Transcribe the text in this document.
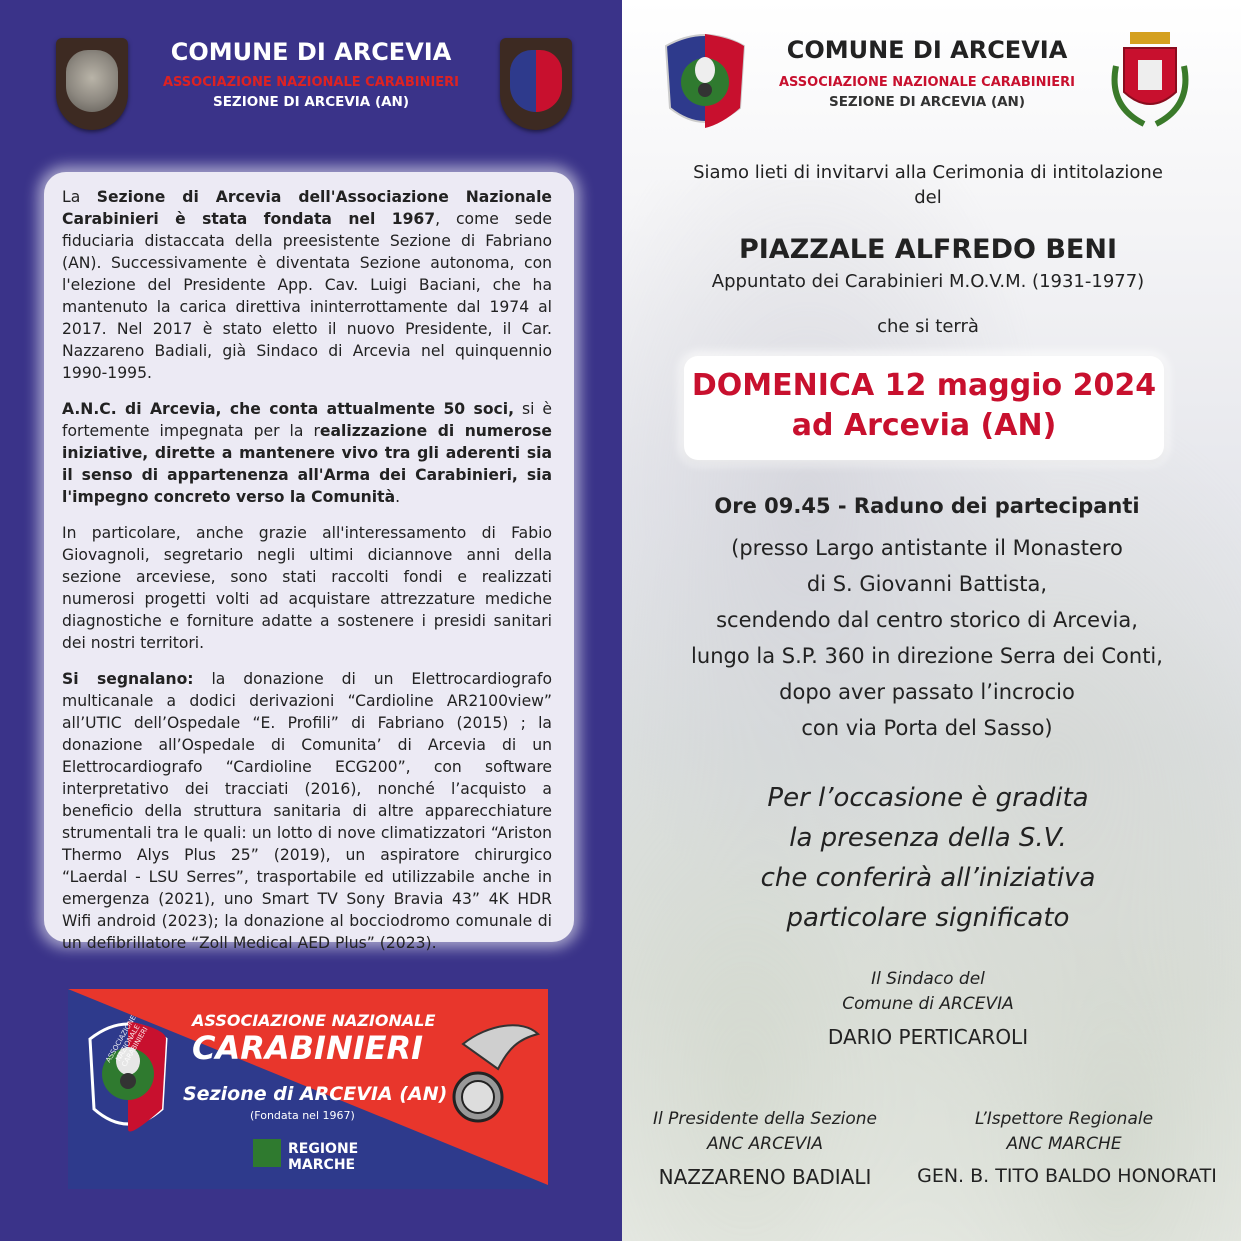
COMUNE DI ARCEVIA
ASSOCIAZIONE NAZIONALE CARABINIERI
SEZIONE DI ARCEVIA (AN)

La Sezione di Arcevia dell'Associazione Nazionale Carabinieri è stata fondata nel 1967, come sede fiduciaria distaccata della preesistente Sezione di Fabriano (AN). Successivamente è diventata Sezione autonoma, con l'elezione del Presidente App. Cav. Luigi Baciani, che ha mantenuto la carica direttiva ininterrottamente dal 1974 al 2017. Nel 2017 è stato eletto il nuovo Presidente, il Car. Nazzareno Badiali, già Sindaco di Arcevia nel quinquennio 1990-1995.

A.N.C. di Arcevia, che conta attualmente 50 soci, si è fortemente impegnata per la realizzazione di numerose iniziative, dirette a mantenere vivo tra gli aderenti sia il senso di appartenenza all'Arma dei Carabinieri, sia l'impegno concreto verso la Comunità.

In particolare, anche grazie all'interessamento di Fabio Giovagnoli, segretario negli ultimi diciannove anni della sezione arceviese, sono stati raccolti fondi e realizzati numerosi progetti volti ad acquistare attrezzature mediche diagnostiche e forniture adatte a sostenere i presidi sanitari dei nostri territori.

Si segnalano: la donazione di un Elettrocardiografo multicanale a dodici derivazioni “Cardioline AR2100view” all’UTIC dell’Ospedale “E. Profili” di Fabriano (2015) ; la donazione all’Ospedale di Comunita’ di Arcevia di un Elettrocardiografo “Cardioline ECG200”, con software interpretativo dei tracciati (2016), nonché l’acquisto a beneficio della struttura sanitaria di altre apparecchiature strumentali tra le quali: un lotto di nove climatizzatori “Ariston Thermo Alys Plus 25” (2019), un aspiratore chirurgico “Laerdal - LSU Serres”, trasportabile ed utilizzabile anche in emergenza (2021), uno Smart TV Sony Bravia 43” 4K HDR Wifi android (2023); la donazione al bocciodromo comunale di un defibrillatore “Zoll Medical AED Plus” (2023).

ASSOCIAZIONE NAZIONALE CARABINIERI
ASSOCIAZIONE NAZIONALE
CARABINIERI
Sezione di ARCEVIA (AN)
(Fondata nel 1967)
REGIONE
MARCHE
COMUNE DI ARCEVIA
ASSOCIAZIONE NAZIONALE CARABINIERI
SEZIONE DI ARCEVIA (AN)
Siamo lieti di invitarvi alla Cerimonia di intitolazione
del
PIAZZALE ALFREDO BENI
Appuntato dei Carabinieri M.O.V.M. (1931-1977)
che si terrà
DOMENICA 12 maggio 2024
ad Arcevia (AN)
Ore 09.45 - Raduno dei partecipanti
(presso Largo antistante il Monastero
di S. Giovanni Battista,
scendendo dal centro storico di Arcevia,
lungo la S.P. 360 in direzione Serra dei Conti,
dopo aver passato l’incrocio
con via Porta del Sasso)
Per l’occasione è gradita
la presenza della S.V.
che conferirà all’iniziativa
particolare significato
Il Sindaco del
Comune di ARCEVIA
DARIO PERTICAROLI
Il Presidente della Sezione
ANC ARCEVIA
NAZZARENO BADIALI
L’Ispettore Regionale
ANC MARCHE
GEN. B. TITO BALDO HONORATI
